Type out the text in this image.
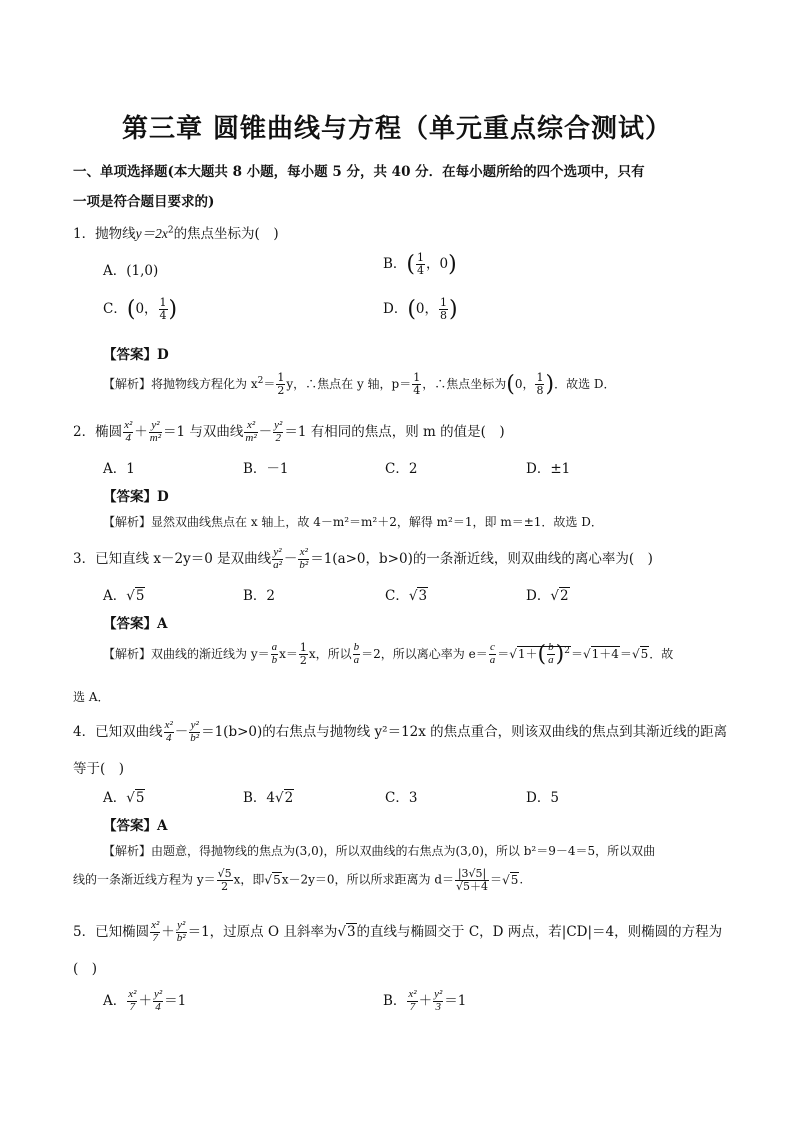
第三章 圆锥曲线与方程（单元重点综合测试）
一、单项选择题(本大题共 8 小题，每小题 5 分，共 40 分．在每小题所给的四个选项中，只有
一项是符合题目要求的)
1．抛物线$y=2x^2$的焦点坐标为(　)
A．(1,0)	B．( $\frac{1}{4}$ ，0)
C．(0， $\frac{1}{4}$ )	D．(0， $\frac{1}{8}$ )
【答案】D
【解析】将抛物线方程化为 $x^2= \frac{1}{2}$ y，∴焦点在 y 轴，$p= \frac{1}{4}$ ，∴焦点坐标为(0， $\frac{1}{8}$ )．故选 D．
2．椭圆 $\frac{\text{x²}}{4} + \frac{\text{y²}}{\text{m²}} =1$ 与双曲线 $\frac{\text{x²}}{\text{m²}} - \frac{\text{y²}}{2} =1$ 有相同的焦点，则 m 的值是(　)
A．1	B．－1	C．2	D．±1
【答案】D
【解析】显然双曲线焦点在 x 轴上，故 4－m²＝m²＋2，解得 m²＝1，即 m＝±1．故选 D．
3．已知直线 x－2y＝0 是双曲线 $\frac{\text{y²}}{\text{a²}} - \frac{\text{x²}}{\text{b²}} =1(a>0$，b>0)的一条渐近线，则双曲线的离心率为(　)
A．√5	B．2	C．√3	D．√2
【答案】A
【解析】双曲线的渐近线为 $y= \frac{a}{b} x= \frac{1}{2}$ x，所以 $\frac{b}{a} =2$，所以离心率为 $e= \frac{c}{a} =√1+( \frac{b}{a} )^2=√1+4=√5$．故
选 A．
4．已知双曲线 $\frac{\text{x²}}{4} - \frac{\text{y²}}{\text{b²}} =1(b>0)$的右焦点与抛物线 y²＝12x 的焦点重合，则该双曲线的焦点到其渐近线的距离
等于(　)
A．√5	B．4√2	C．3	D．5
【答案】A
【解析】由题意，得抛物线的焦点为(3,0)，所以双曲线的右焦点为(3,0)，所以 b²＝9－4＝5，所以双曲
线的一条渐近线方程为 $y= \frac{√5}{2}$ x，即√5x－2y＝0，所以所求距离为 $d= \frac{|3√5|}{√5+4} =√5$.
5．已知椭圆 $\frac{\text{x²}}{7} + \frac{\text{y²}}{\text{b²}} =1$，过原点 O 且斜率为√3的直线与椭圆交于 C，D 两点，若|CD|＝4，则椭圆的方程为
(　)
A． $\frac{\text{x²}}{7} + \frac{\text{y²}}{4} =1$	B． $\frac{\text{x²}}{7} + \frac{\text{y²}}{3} =1$
